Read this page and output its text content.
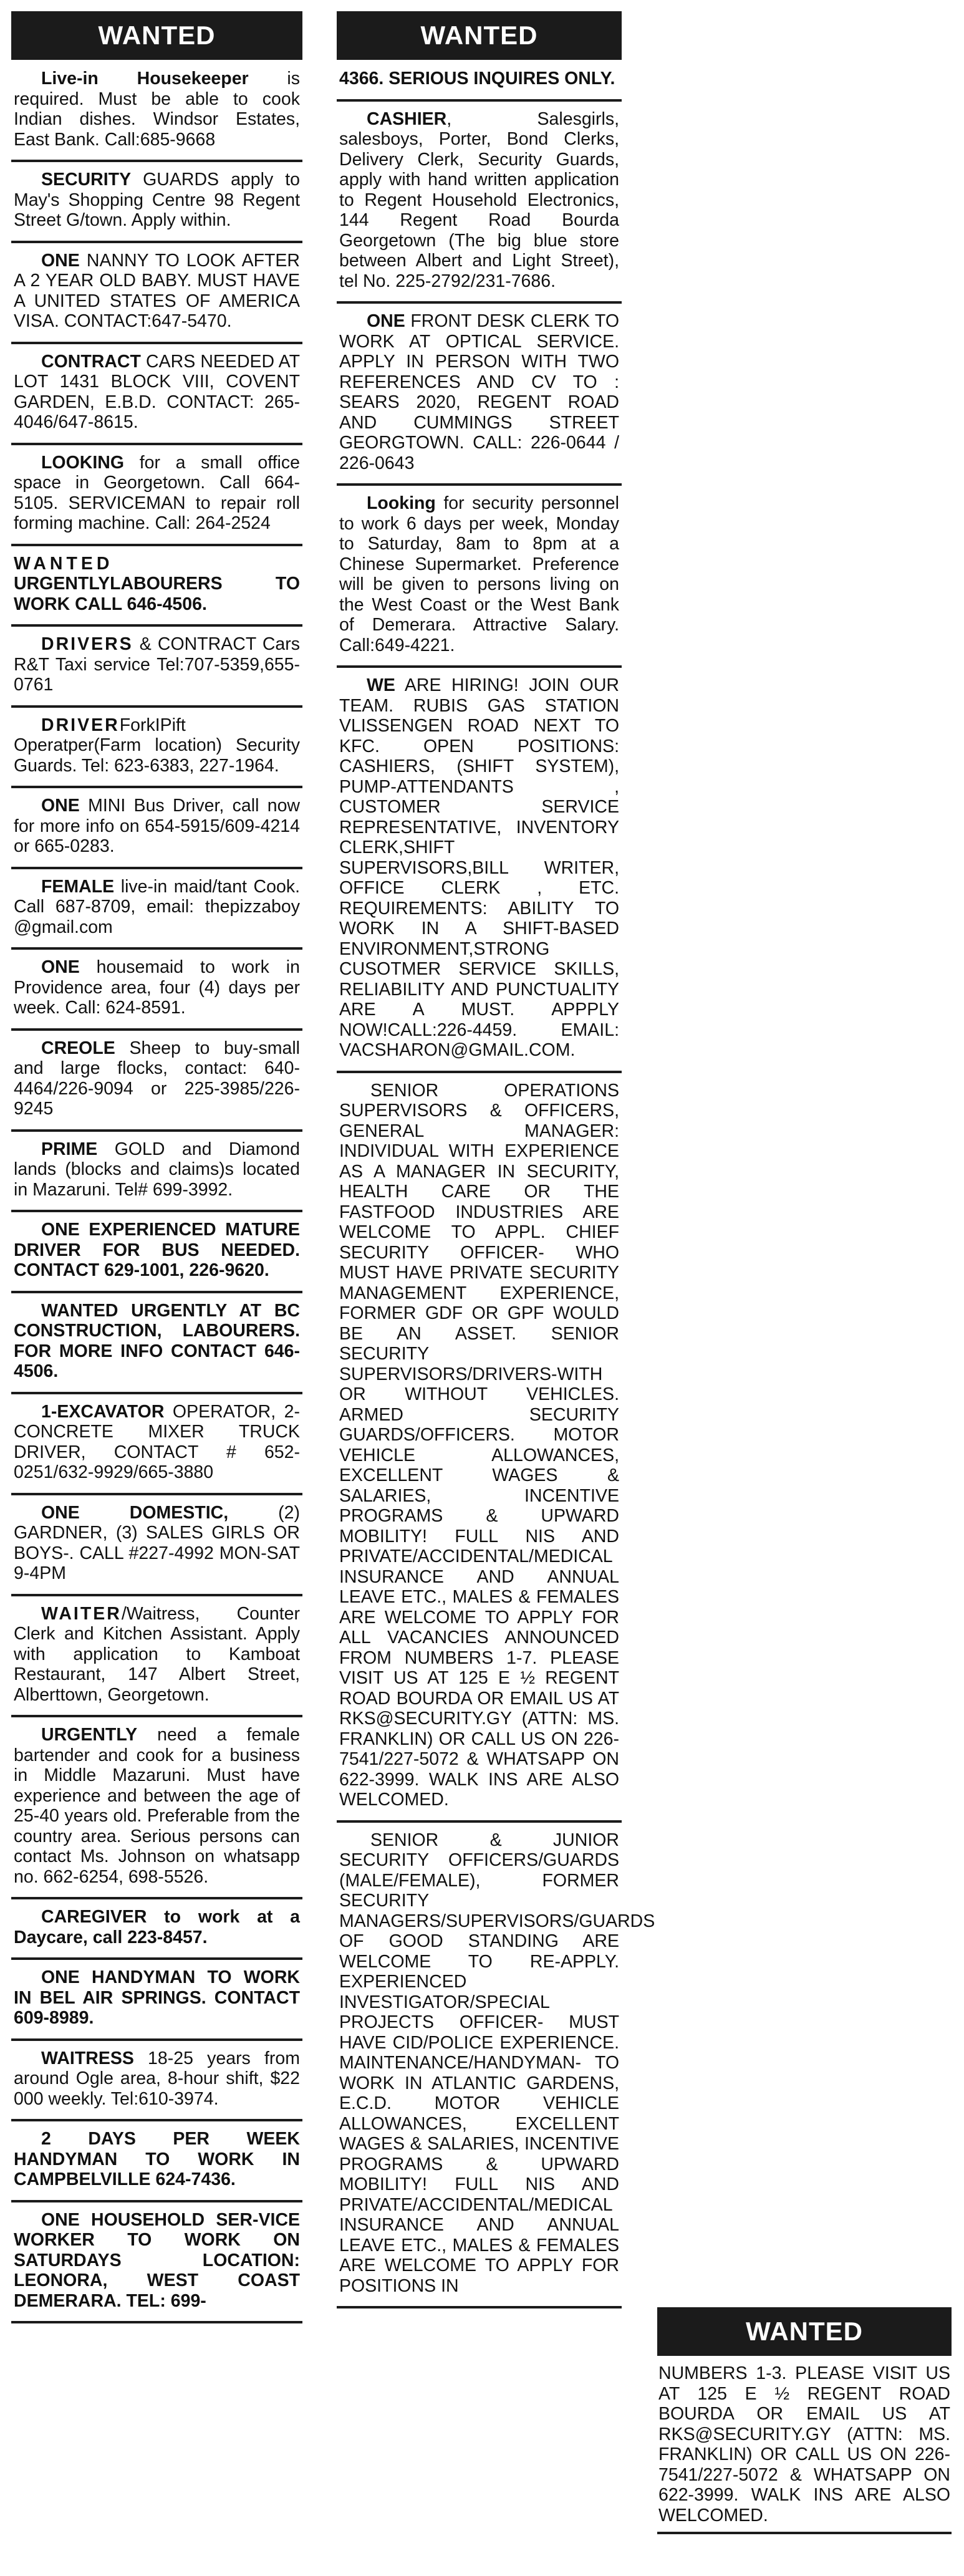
WANTED
Live-in Housekeeper is required. Must be able to cook Indian dishes. Windsor Estates, East Bank. Call:685-9668
SECURITY GUARDS apply to May's Shopping Centre 98 Regent Street G/town. Apply within.
ONE NANNY TO LOOK AFTER A 2 YEAR OLD BABY. MUST HAVE A UNITED STATES OF AMERICA VISA. CONTACT:647-5470.
CONTRACT CARS NEEDED AT LOT 1431 BLOCK VIII, COVENT GARDEN, E.B.D. CONTACT: 265-4046/647-8615.
LOOKING for a small office space in Georgetown. Call 664-5105. SERVICEMAN to repair roll forming machine. Call: 264-2524
WANTED URGENTLYLABOURERS TO WORK CALL 646-4506.
DRIVERS & CONTRACT Cars R&T Taxi service Tel:707-5359,655-0761
DRIVERForkIPift Operatper(Farm location) Security Guards. Tel: 623-6383, 227-1964.
ONE MINI Bus Driver, call now for more info on 654-5915/609-4214 or 665-0283.
FEMALE live-in maid/tant Cook. Call 687-8709, email: thepizzaboy @gmail.com
ONE housemaid to work in Providence area, four (4) days per week. Call: 624-8591.
CREOLE Sheep to buy-small and large flocks, contact: 640-4464/226-9094 or 225-3985/226-9245
PRIME GOLD and Diamond lands (blocks and claims)s located in Mazaruni. Tel# 699-3992.
ONE EXPERIENCED MATURE DRIVER FOR BUS NEEDED. CONTACT 629-1001, 226-9620.
WANTED URGENTLY AT BC CONSTRUCTION, LABOURERS. FOR MORE INFO CONTACT 646-4506.
1-EXCAVATOR OPERATOR, 2- CONCRETE MIXER TRUCK DRIVER, CONTACT # 652-0251/632-9929/665-3880
ONE DOMESTIC, (2) GARDNER, (3) SALES GIRLS OR BOYS-. CALL #227-4992 MON-SAT 9-4PM
WAITER/Waitress, Counter Clerk and Kitchen Assistant. Apply with application to Kamboat Restaurant, 147 Albert Street, Alberttown, Georgetown.
URGENTLY need a female bartender and cook for a business in Middle Mazaruni. Must have experience and between the age of 25-40 years old. Preferable from the country area. Serious persons can contact Ms. Johnson on whatsapp no. 662-6254, 698-5526.
CAREGIVER to work at a Daycare, call 223-8457.
ONE HANDYMAN TO WORK IN BEL AIR SPRINGS. CONTACT 609-8989.
WAITRESS 18-25 years from around Ogle area, 8-hour shift, $22 000 weekly. Tel:610-3974.
2 DAYS PER WEEK HANDYMAN TO WORK IN CAMPBELVILLE 624-7436.
ONE HOUSEHOLD SER-VICE WORKER TO WORK ON SATURDAYS LOCATION: LEONORA, WEST COAST DEMERARA. TEL: 699-
WANTED
4366. SERIOUS INQUIRES ONLY.
CASHIER, Salesgirls, salesboys, Porter, Bond Clerks, Delivery Clerk, Security Guards, apply with hand written application to Regent Household Electronics, 144 Regent Road Bourda Georgetown (The big blue store between Albert and Light Street), tel No. 225-2792/231-7686.
ONE FRONT DESK CLERK TO WORK AT OPTICAL SERVICE. APPLY IN PERSON WITH TWO REFERENCES AND CV TO : SEARS 2020, REGENT ROAD AND CUMMINGS STREET GEORGTOWN. CALL: 226-0644 / 226-0643
Looking for security personnel to work 6 days per week, Monday to Saturday, 8am to 8pm at a Chinese Supermarket. Preference will be given to persons living on the West Coast or the West Bank of Demerara. Attractive Salary. Call:649-4221.
WE ARE HIRING! JOIN OUR TEAM. RUBIS GAS STATION VLISSENGEN ROAD NEXT TO KFC. OPEN POSITIONS: CASHIERS, (SHIFT SYSTEM), PUMP-ATTENDANTS , CUSTOMER SERVICE REPRESENTATIVE, INVENTORY CLERK,SHIFT SUPERVISORS,BILL WRITER, OFFICE CLERK , ETC. REQUIREMENTS: ABILITY TO WORK IN A SHIFT-BASED ENVIRONMENT,STRONG CUSOTMER SERVICE SKILLS, RELIABILITY AND PUNCTUALITY ARE A MUST. APPPLY NOW!CALL:226-4459. EMAIL: VACSHARON@GMAIL.COM.
SENIOR OPERATIONS SUPERVISORS & OFFICERS, GENERAL MANAGER: INDIVIDUAL WITH EXPERIENCE AS A MANAGER IN SECURITY, HEALTH CARE OR THE FASTFOOD INDUSTRIES ARE WELCOME TO APPL. CHIEF SECURITY OFFICER- WHO MUST HAVE PRIVATE SECURITY MANAGEMENT EXPERIENCE, FORMER GDF OR GPF WOULD BE AN ASSET. SENIOR SECURITY SUPERVISORS/DRIVERS-WITH OR WITHOUT VEHICLES. ARMED SECURITY GUARDS/OFFICERS. MOTOR VEHICLE ALLOWANCES, EXCELLENT WAGES & SALARIES, INCENTIVE PROGRAMS & UPWARD MOBILITY! FULL NIS AND PRIVATE/ACCIDENTAL/MEDICAL INSURANCE AND ANNUAL LEAVE ETC., MALES & FEMALES ARE WELCOME TO APPLY FOR ALL VACANCIES ANNOUNCED FROM NUMBERS 1-7. PLEASE VISIT US AT 125 E ½ REGENT ROAD BOURDA OR EMAIL US AT RKS@SECURITY.GY (ATTN: MS. FRANKLIN) OR CALL US ON 226-7541/227-5072 & WHATSAPP ON 622-3999. WALK INS ARE ALSO WELCOMED.
SENIOR & JUNIOR SECURITY OFFICERS/GUARDS (MALE/FEMALE), FORMER SECURITY MANAGERS/SUPERVISORS/GUARDS OF GOOD STANDING ARE WELCOME TO RE-APPLY. EXPERIENCED INVESTIGATOR/SPECIAL PROJECTS OFFICER- MUST HAVE CID/POLICE EXPERIENCE. MAINTENANCE/HANDYMAN- TO WORK IN ATLANTIC GARDENS, E.C.D. MOTOR VEHICLE ALLOWANCES, EXCELLENT WAGES & SALARIES, INCENTIVE PROGRAMS & UPWARD MOBILITY! FULL NIS AND PRIVATE/ACCIDENTAL/MEDICAL INSURANCE AND ANNUAL LEAVE ETC., MALES & FEMALES ARE WELCOME TO APPLY FOR POSITIONS IN
WANTED
NUMBERS 1-3. PLEASE VISIT US AT 125 E ½ REGENT ROAD BOURDA OR EMAIL US AT RKS@SECURITY.GY (ATTN: MS. FRANKLIN) OR CALL US ON 226-7541/227-5072 & WHATSAPP ON 622-3999. WALK INS ARE ALSO WELCOMED.
